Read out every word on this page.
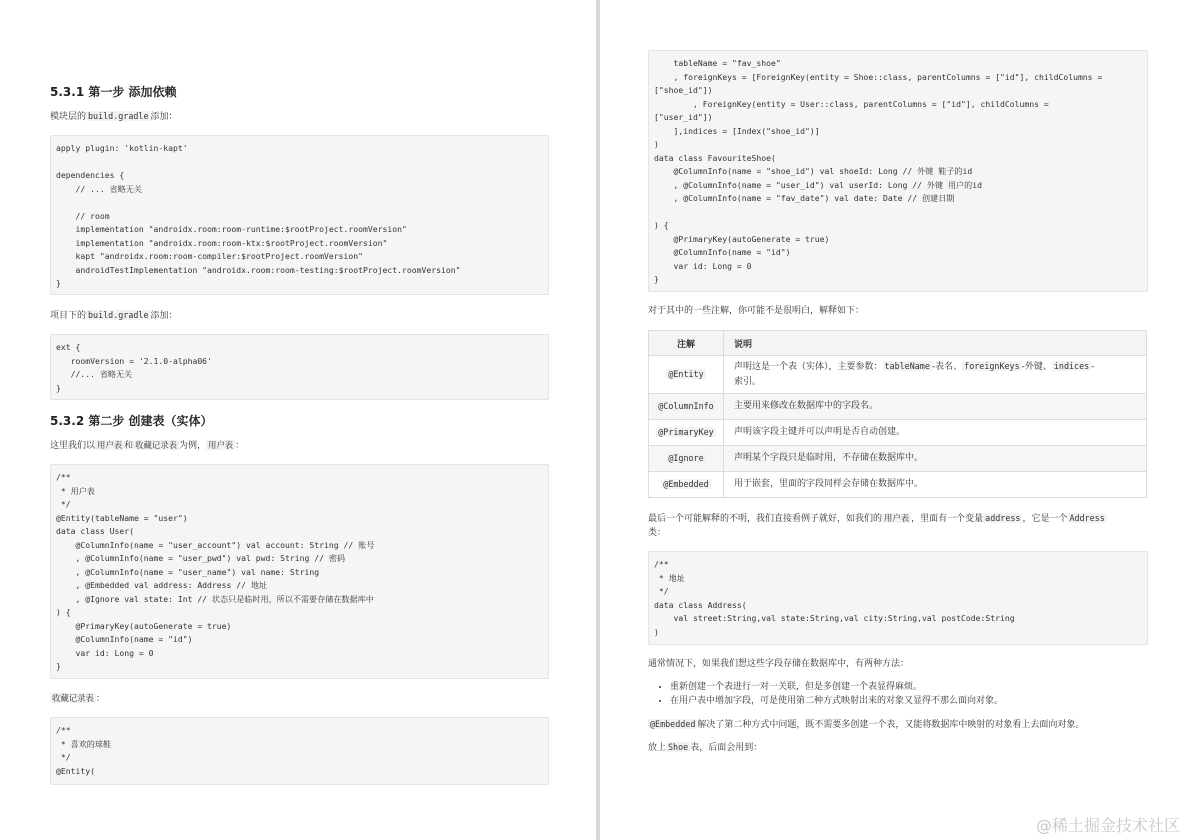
5.3.1 第一步 添加依赖

模块层的 build.gradle 添加：

apply plugin: 'kotlin-kapt'

dependencies {
// ... 省略无关

// room
implementation "androidx.room:room-runtime:$rootProject.roomVersion"
implementation "androidx.room:room-ktx:$rootProject.roomVersion"
kapt "androidx.room:room-compiler:$rootProject.roomVersion"
androidTestImplementation "androidx.room:room-testing:$rootProject.roomVersion"
}

项目下的 build.gradle 添加：

ext {
roomVersion = '2.1.0-alpha06'
//... 省略无关
}
5.3.2 第二步 创建表（实体）

这里我们以 用户表 和 收藏记录表 为例， 用户表 ：

/**
* 用户表
*/
@Entity(tableName = "user")
data class User(
@ColumnInfo(name = "user_account") val account: String // 账号
, @ColumnInfo(name = "user_pwd") val pwd: String // 密码
, @ColumnInfo(name = "user_name") val name: String
, @Embedded val address: Address // 地址
, @Ignore val state: Int // 状态只是临时用，所以不需要存储在数据库中
) {
@PrimaryKey(autoGenerate = true)
@ColumnInfo(name = "id")
var id: Long = 0
}

收藏记录表 ：

/**
* 喜欢的球鞋
*/
@Entity(
tableName = "fav_shoe"
, foreignKeys = [ForeignKey(entity = Shoe::class, parentColumns = ["id"], childColumns =
["shoe_id"])
, ForeignKey(entity = User::class, parentColumns = ["id"], childColumns =
["user_id"])
],indices = [Index("shoe_id")]
)
data class FavouriteShoe(
@ColumnInfo(name = "shoe_id") val shoeId: Long // 外键 鞋子的id
, @ColumnInfo(name = "user_id") val userId: Long // 外键 用户的id
, @ColumnInfo(name = "fav_date") val date: Date // 创建日期

) {
@PrimaryKey(autoGenerate = true)
@ColumnInfo(name = "id")
var id: Long = 0
}

对于其中的一些注解，你可能不是很明白，解释如下：

注解	说明
@Entity	声明这是一个表（实体），主要参数： tableName -表名、 foreignKeys -外键、 indices -
索引。
@ColumnInfo	主要用来修改在数据库中的字段名。
@PrimaryKey	声明该字段主键并可以声明是否自动创建。
@Ignore	声明某个字段只是临时用，不存储在数据库中。
@Embedded	用于嵌套，里面的字段同样会存储在数据库中。

最后一个可能解释的不明，我们直接看例子就好，如我们的 用户表 ，里面有一个变量 address ，它是一个 Address
类：

/**
* 地址
*/
data class Address(
val street:String,val state:String,val city:String,val postCode:String
)

通常情况下，如果我们想这些字段存储在数据库中，有两种方法：

• 重新创建一个表进行一对一关联，但是多创建一个表显得麻烦。
• 在用户表中增加字段，可是使用第二种方式映射出来的对象又显得不那么面向对象。

@Embedded 解决了第二种方式中问题，既不需要多创建一个表，又能将数据库中映射的对象看上去面向对象。

放上 Shoe 表，后面会用到：

@稀土掘金技术社区
